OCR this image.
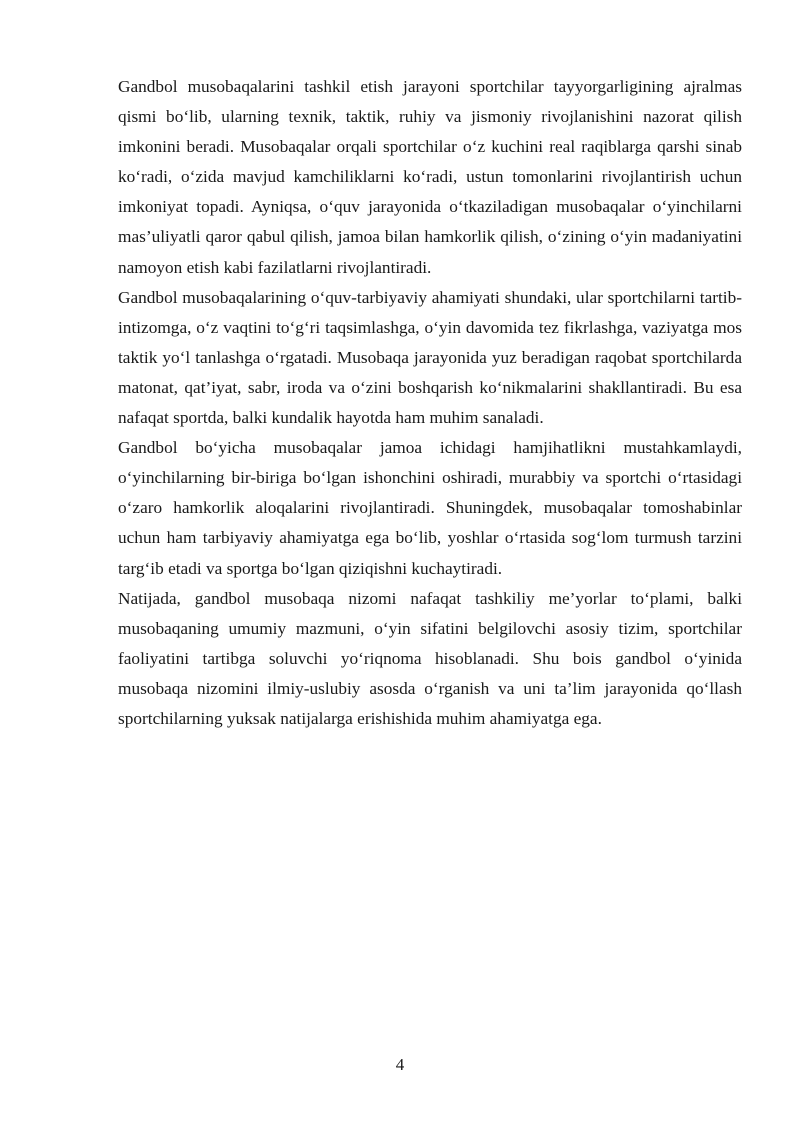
Gandbol musobaqalarini tashkil etish jarayoni sportchilar tayyorgarligining ajralmas qismi bo‘lib, ularning texnik, taktik, ruhiy va jismoniy rivojlanishini nazorat qilish imkonini beradi. Musobaqalar orqali sportchilar o‘z kuchini real raqiblarga qarshi sinab ko‘radi, o‘zida mavjud kamchiliklarni ko‘radi, ustun tomonlarini rivojlantirish uchun imkoniyat topadi. Ayniqsa, o‘quv jarayonida o‘tkaziladigan musobaqalar o‘yinchilarni mas’uliyatli qaror qabul qilish, jamoa bilan hamkorlik qilish, o‘zining o‘yin madaniyatini namoyon etish kabi fazilatlarni rivojlantiradi.

Gandbol musobaqalarining o‘quv-tarbiyaviy ahamiyati shundaki, ular sportchilarni tartib-intizomga, o‘z vaqtini to‘g‘ri taqsimlashga, o‘yin davomida tez fikrlashga, vaziyatga mos taktik yo‘l tanlashga o‘rgatadi. Musobaqa jarayonida yuz beradigan raqobat sportchilarda matonat, qat’iyat, sabr, iroda va o‘zini boshqarish ko‘nikmalarini shakllantiradi. Bu esa nafaqat sportda, balki kundalik hayotda ham muhim sanaladi.

Gandbol bo‘yicha musobaqalar jamoa ichidagi hamjihatlikni mustahkamlaydi, o‘yinchilarning bir-biriga bo‘lgan ishonchini oshiradi, murabbiy va sportchi o‘rtasidagi o‘zaro hamkorlik aloqalarini rivojlantiradi. Shuningdek, musobaqalar tomoshabinlar uchun ham tarbiyaviy ahamiyatga ega bo‘lib, yoshlar o‘rtasida sog‘lom turmush tarzini targ‘ib etadi va sportga bo‘lgan qiziqishni kuchaytiradi.

Natijada, gandbol musobaqa nizomi nafaqat tashkiliy me’yorlar to‘plami, balki musobaqaning umumiy mazmuni, o‘yin sifatini belgilovchi asosiy tizim, sportchilar faoliyatini tartibga soluvchi yo‘riqnoma hisoblanadi. Shu bois gandbol o‘yinida musobaqa nizomini ilmiy-uslubiy asosda o‘rganish va uni ta’lim jarayonida qo‘llash sportchilarning yuksak natijalarga erishishida muhim ahamiyatga ega.

4
